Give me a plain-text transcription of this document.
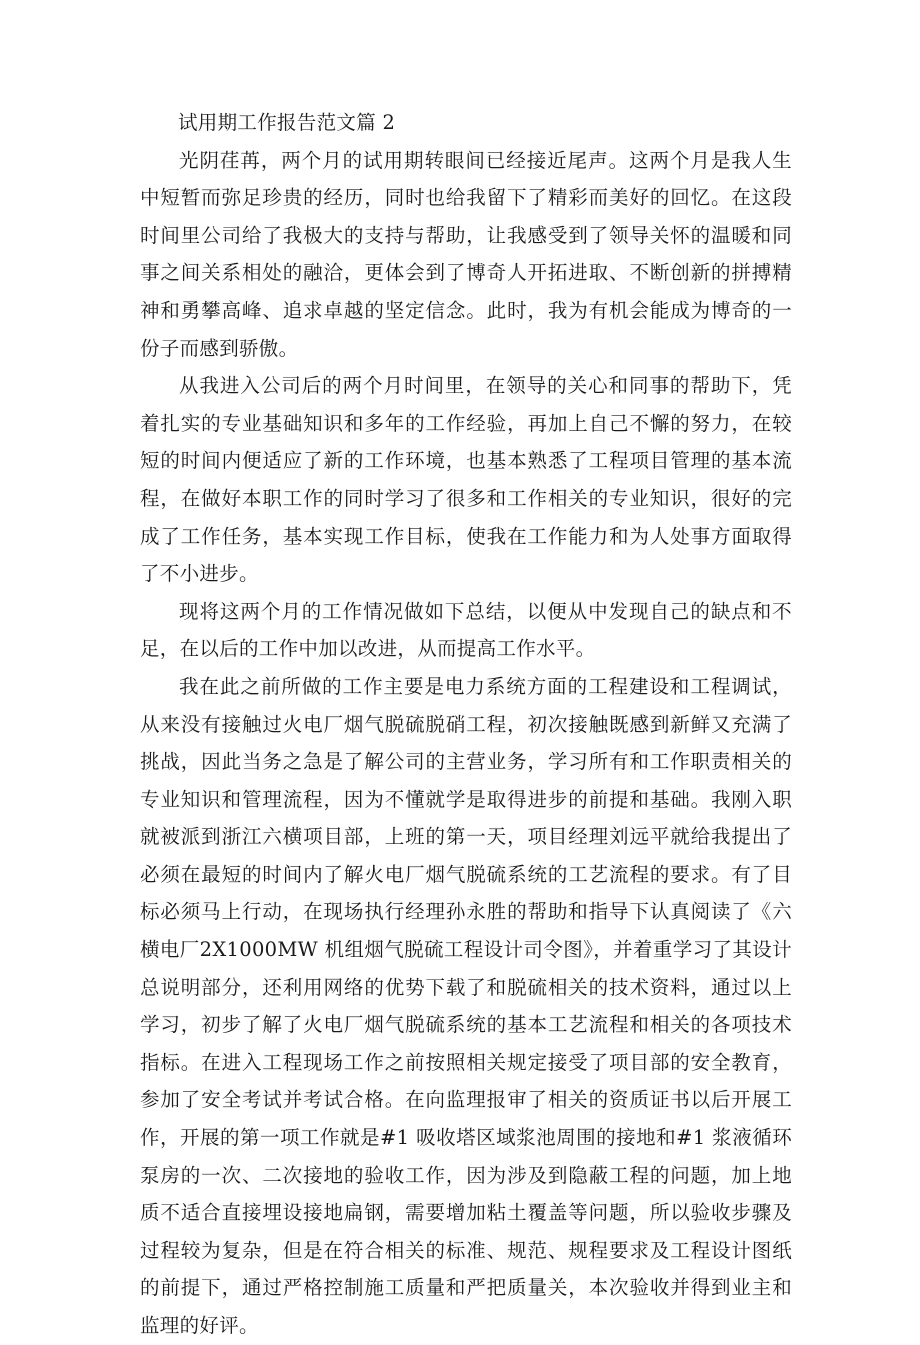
试用期工作报告范文篇 2

光阴荏苒，两个月的试用期转眼间已经接近尾声。这两个月是我人生中短暂而弥足珍贵的经历，同时也给我留下了精彩而美好的回忆。在这段时间里公司给了我极大的支持与帮助，让我感受到了领导关怀的温暖和同事之间关系相处的融洽，更体会到了博奇人开拓进取、不断创新的拼搏精神和勇攀高峰、追求卓越的坚定信念。此时，我为有机会能成为博奇的一份子而感到骄傲。

从我进入公司后的两个月时间里，在领导的关心和同事的帮助下，凭着扎实的专业基础知识和多年的工作经验，再加上自己不懈的努力，在较短的时间内便适应了新的工作环境，也基本熟悉了工程项目管理的基本流程，在做好本职工作的同时学习了很多和工作相关的专业知识，很好的完成了工作任务，基本实现工作目标，使我在工作能力和为人处事方面取得了不小进步。

现将这两个月的工作情况做如下总结，以便从中发现自己的缺点和不足，在以后的工作中加以改进，从而提高工作水平。

我在此之前所做的工作主要是电力系统方面的工程建设和工程调试，从来没有接触过火电厂烟气脱硫脱硝工程，初次接触既感到新鲜又充满了挑战，因此当务之急是了解公司的主营业务，学习所有和工作职责相关的专业知识和管理流程，因为不懂就学是取得进步的前提和基础。我刚入职就被派到浙江六横项目部，上班的第一天，项目经理刘远平就给我提出了必须在最短的时间内了解火电厂烟气脱硫系统的工艺流程的要求。有了目标必须马上行动，在现场执行经理孙永胜的帮助和指导下认真阅读了《六横电厂2X1000MW 机组烟气脱硫工程设计司令图》，并着重学习了其设计总说明部分，还利用网络的优势下载了和脱硫相关的技术资料，通过以上学习，初步了解了火电厂烟气脱硫系统的基本工艺流程和相关的各项技术指标。在进入工程现场工作之前按照相关规定接受了项目部的安全教育，参加了安全考试并考试合格。在向监理报审了相关的资质证书以后开展工作，开展的第一项工作就是#1 吸收塔区域浆池周围的接地和#1 浆液循环泵房的一次、二次接地的验收工作，因为涉及到隐蔽工程的问题，加上地质不适合直接埋设接地扁钢，需要增加粘土覆盖等问题，所以验收步骤及过程较为复杂，但是在符合相关的标准、规范、规程要求及工程设计图纸的前提下，通过严格控制施工质量和严把质量关，本次验收并得到业主和监理的好评。
